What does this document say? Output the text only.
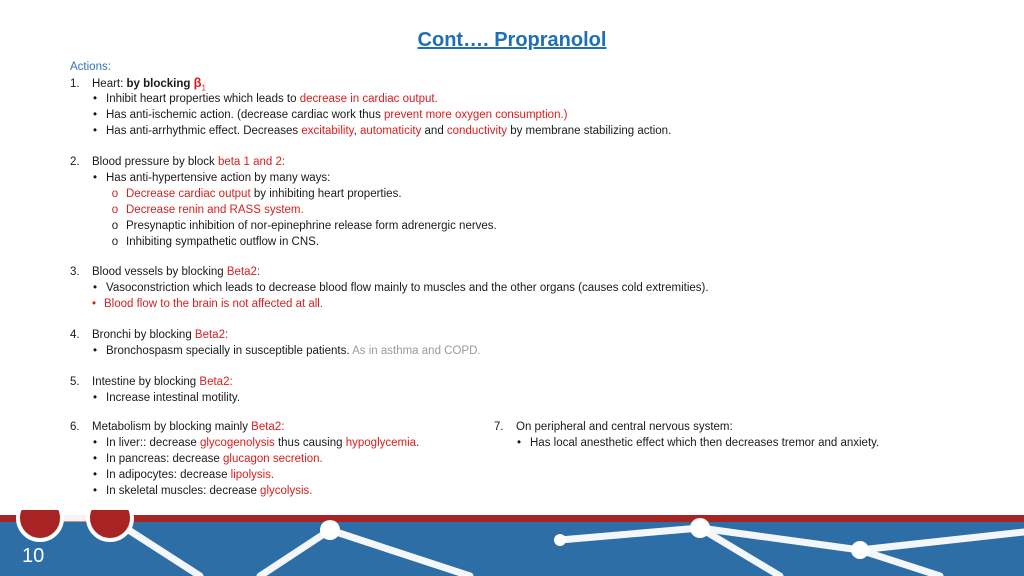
Cont…. Propranolol
Actions:
1. Heart: by blocking $\beta_1$
• Inhibit heart properties which leads to decrease in cardiac output.
• Has anti-ischemic action. (decrease cardiac work thus prevent more oxygen consumption.)
• Has anti-arrhythmic effect. Decreases excitability, automaticity and conductivity by membrane stabilizing action.
2. Blood pressure by block beta 1 and 2:
• Has anti-hypertensive action by many ways:
o Decrease cardiac output by inhibiting heart properties.
o Decrease renin and RASS system.
o Presynaptic inhibition of nor-epinephrine release form adrenergic nerves.
o Inhibiting sympathetic outflow in CNS.
3. Blood vessels by blocking Beta2:
• Vasoconstriction which leads to decrease blood flow mainly to muscles and the other organs (causes cold extremities).
• Blood flow to the brain is not affected at all.
4. Bronchi by blocking Beta2:
• Bronchospasm specially in susceptible patients. As in asthma and COPD.
5. Intestine by blocking Beta2:
• Increase intestinal motility.
6. Metabolism by blocking mainly Beta2:
• In liver:: decrease glycogenolysis thus causing hypoglycemia.
• In pancreas: decrease glucagon secretion.
• In adipocytes: decrease lipolysis.
• In skeletal muscles: decrease glycolysis.
7. On peripheral and central nervous system:
• Has local anesthetic effect which then decreases tremor and anxiety.
10
